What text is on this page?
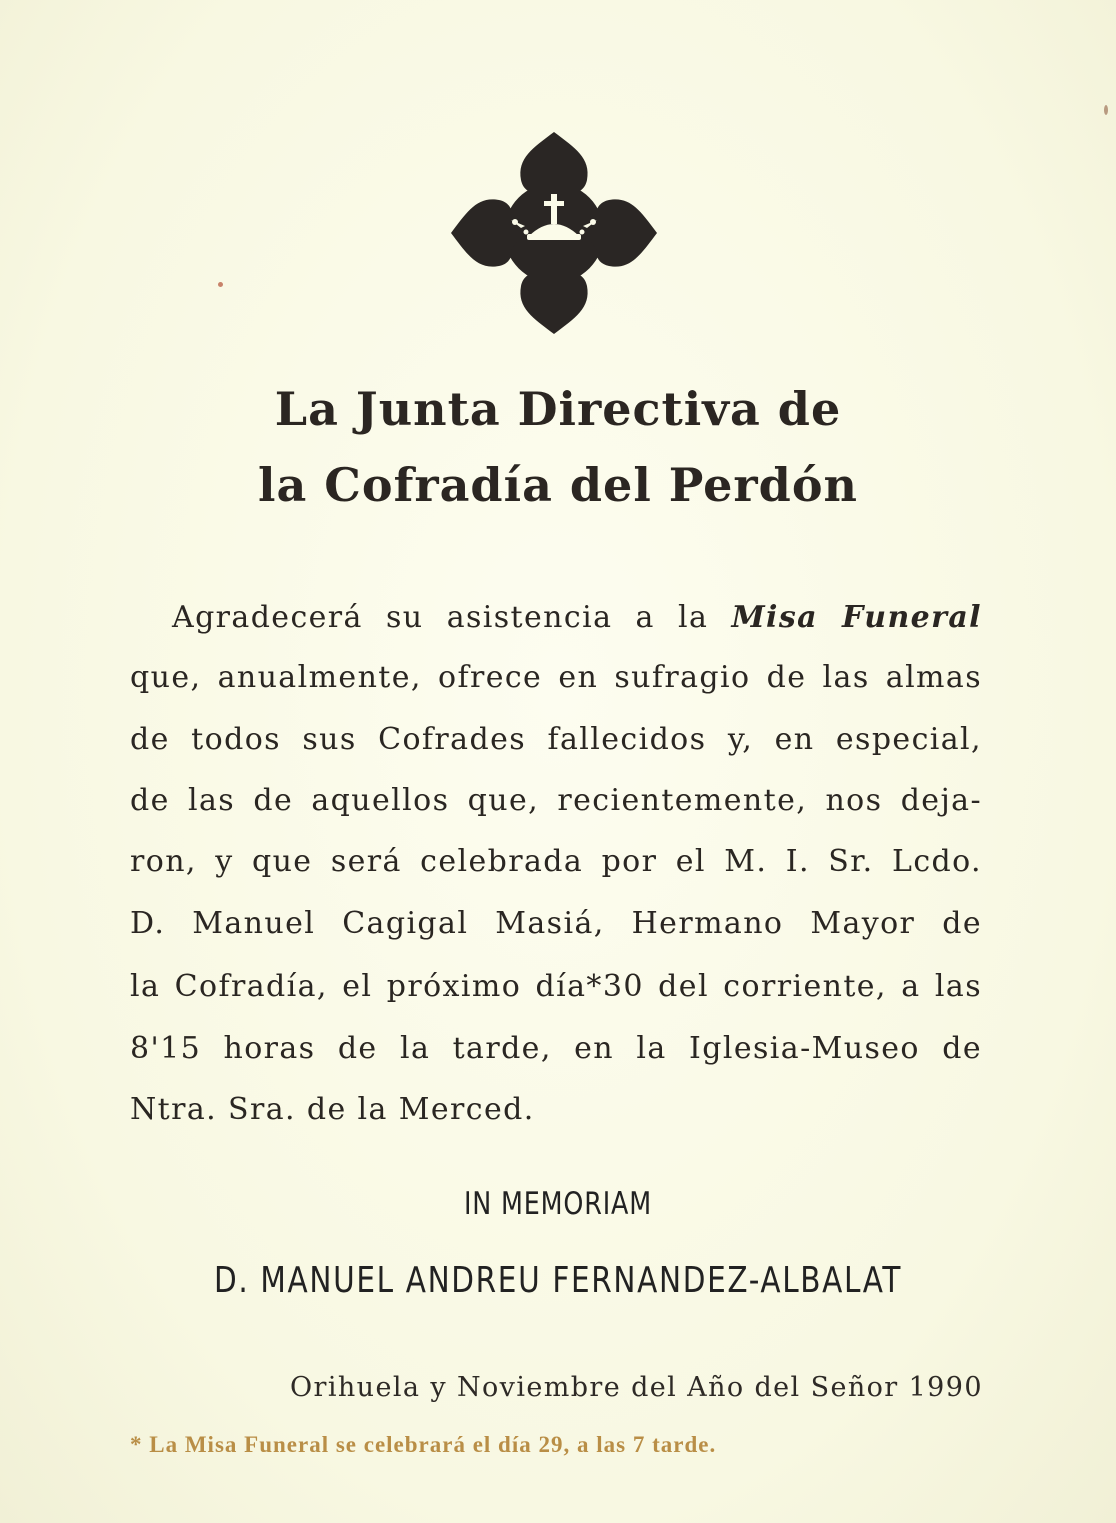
La Junta Directiva de
la Cofradía del Perdón
Agradecerá su asistencia a la Misa Funeral
que, anualmente, ofrece en sufragio de las almas
de todos sus Cofrades fallecidos y, en especial,
de las de aquellos que, recientemente, nos deja-
ron, y que será celebrada por el M. I. Sr. Lcdo.
D. Manuel Cagigal Masiá, Hermano Mayor de
la Cofradía, el próximo día*30 del corriente, a las
8'15 horas de la tarde, en la Iglesia-Museo de
Ntra. Sra. de la Merced.
IN MEMORIAM
D. MANUEL ANDREU FERNANDEZ-ALBALAT
Orihuela y Noviembre del Año del Señor 1990
* La Misa Funeral se celebrará el día 29, a las 7 tarde.
